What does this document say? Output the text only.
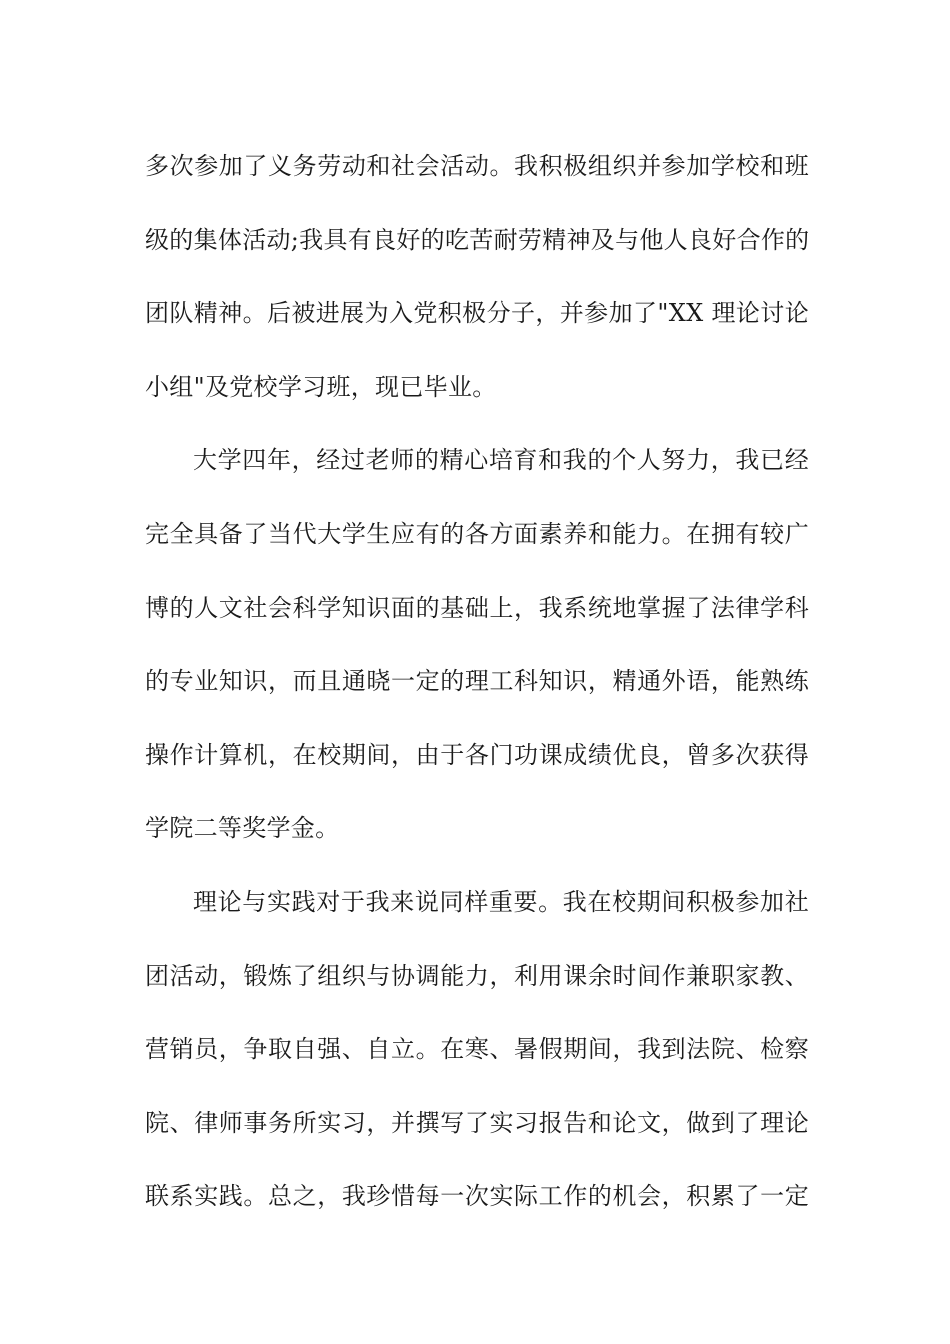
多次参加了义务劳动和社会活动。我积极组织并参加学校和班
级的集体活动;我具有良好的吃苦耐劳精神及与他人良好合作的
团队精神。后被进展为入党积极分子，并参加了"XX 理论讨论
小组"及党校学习班，现已毕业。
大学四年，经过老师的精心培育和我的个人努力，我已经
完全具备了当代大学生应有的各方面素养和能力。在拥有较广
博的人文社会科学知识面的基础上，我系统地掌握了法律学科
的专业知识，而且通晓一定的理工科知识，精通外语，能熟练
操作计算机，在校期间，由于各门功课成绩优良，曾多次获得
学院二等奖学金。
理论与实践对于我来说同样重要。我在校期间积极参加社
团活动，锻炼了组织与协调能力，利用课余时间作兼职家教、
营销员，争取自强、自立。在寒、暑假期间，我到法院、检察
院、律师事务所实习，并撰写了实习报告和论文，做到了理论
联系实践。总之，我珍惜每一次实际工作的机会，积累了一定
